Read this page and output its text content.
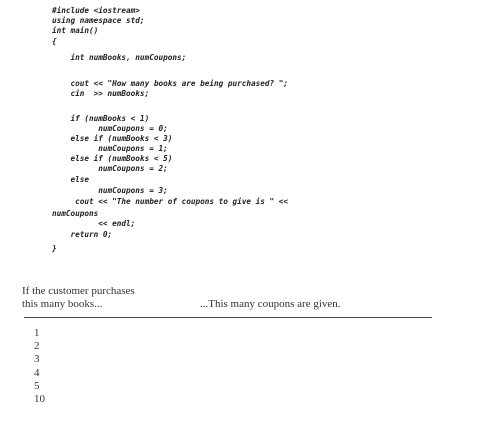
#include <iostream>
using namespace std;
int main()
{
int numBooks, numCoupons;
cout << "How many books are being purchased? ";
cin  >> numBooks;
if (numBooks < 1)
numCoupons = 0;
else if (numBooks < 3)
numCoupons = 1;
else if (numBooks < 5)
numCoupons = 2;
else
numCoupons = 3;
cout << "The number of coupons to give is " <<
numCoupons
<< endl;
return 0;
}
If the customer purchases
this many books...	...This many coupons are given.
1
2
3
4
5
10
